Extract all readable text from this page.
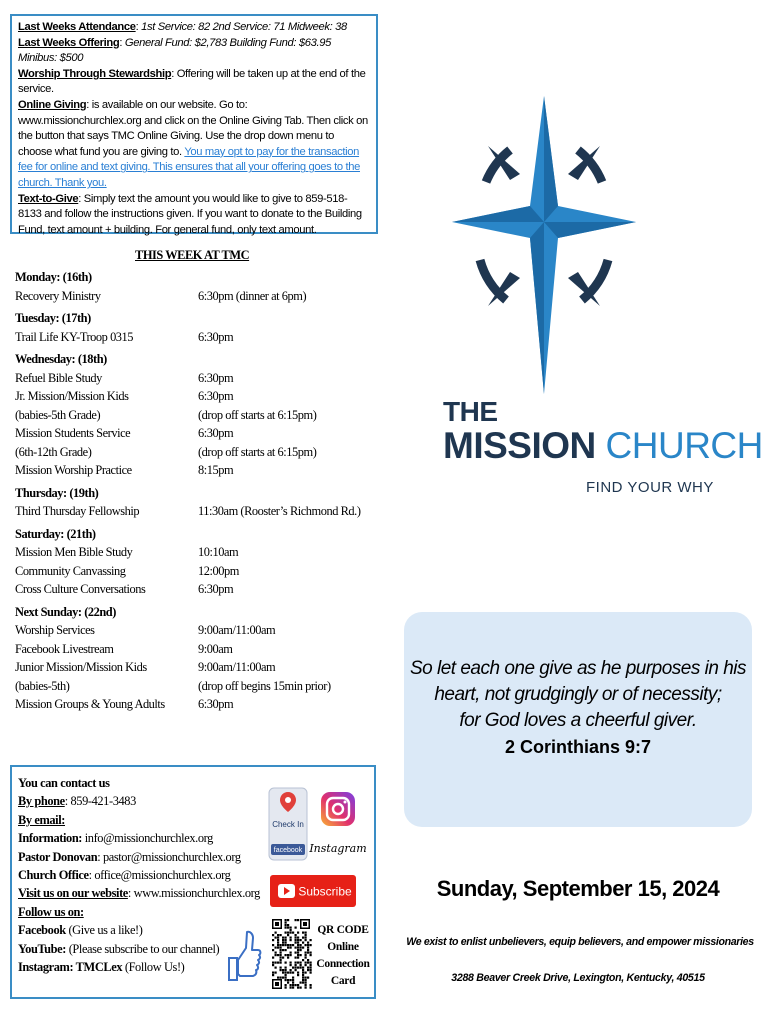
Last Weeks Attendance: 1st Service: 82 2nd Service: 71 Midweek: 38

Last Weeks Offering: General Fund: $2,783 Building Fund: $63.95 Minibus: $500

Worship Through Stewardship: Offering will be taken up at the end of the service.

Online Giving: is available on our website. Go to: www.missionchurchlex.org and click on the Online Giving Tab. Then click on the button that says TMC Online Giving. Use the drop down menu to choose what fund you are giving to. You may opt to pay for the transaction fee for online and text giving. This ensures that all your offering goes to the church. Thank you.

Text-to-Give: Simply text the amount you would like to give to 859-518-8133 and follow the instructions given. If you want to donate to the Building Fund, text amount + building. For general fund, only text amount.

THIS WEEK AT TMC
Monday: (16th)
Recovery Ministry	6:30pm (dinner at 6pm)
Tuesday: (17th)
Trail Life KY-Troop 0315	6:30pm
Wednesday: (18th)
Refuel Bible Study	6:30pm
Jr. Mission/Mission Kids	6:30pm
(babies-5th Grade)	(drop off starts at 6:15pm)
Mission Students Service	6:30pm
(6th-12th Grade)	(drop off starts at 6:15pm)
Mission Worship Practice	8:15pm
Thursday: (19th)
Third Thursday Fellowship	11:30am (Rooster’s Richmond Rd.)
Saturday: (21th)
Mission Men Bible Study	10:10am
Community Canvassing	12:00pm
Cross Culture Conversations	6:30pm
Next Sunday: (22nd)
Worship Services	9:00am/11:00am
Facebook Livestream	9:00am
Junior Mission/Mission Kids	9:00am/11:00am
(babies-5th)	(drop off begins 15min prior)
Mission Groups & Young Adults	6:30pm
You can contact us
By phone: 859-421-3483
By email:
Information: info@missionchurchlex.org
Pastor Donovan: pastor@missionchurchlex.org
Church Office: office@missionchurchlex.org
Visit us on our website: www.missionchurchlex.org
Follow us on:
Facebook (Give us a like!)
YouTube: (Please subscribe to our channel)
Instagram: TMCLex (Follow Us!)
Check In
facebook Instagram
Subscribe
QR CODE
Online
Connection
Card
THE
MISSION CHURCH
FIND YOUR WHY
So let each one give as he purposes in his
heart, not grudgingly or of necessity;
for God loves a cheerful giver.
2 Corinthians 9:7
Sunday, September 15, 2024
We exist to enlist unbelievers, equip believers, and empower missionaries
3288 Beaver Creek Drive, Lexington, Kentucky, 40515
